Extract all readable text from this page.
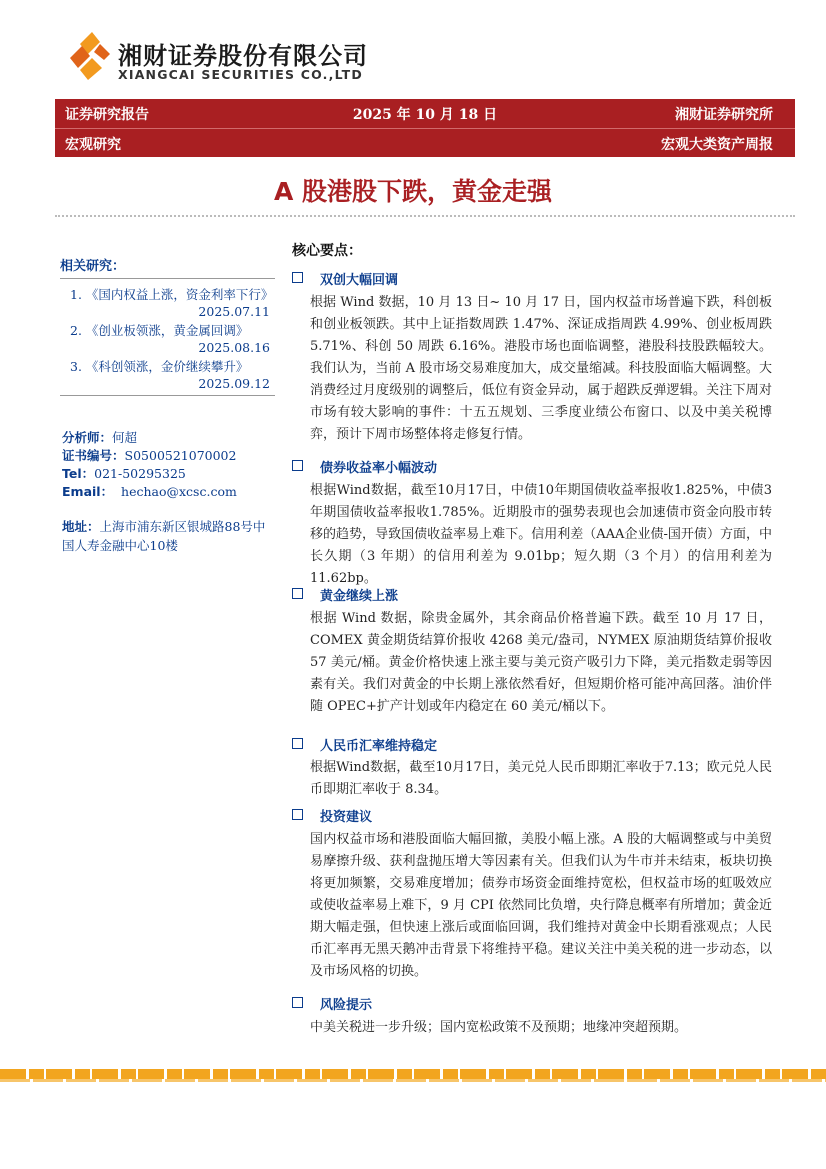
湘财证券股份有限公司
XIANGCAI SECURITIES CO.,LTD
证券研究报告	2025 年 10 月 18 日	湘财证券研究所
宏观研究	宏观大类资产周报
A 股港股下跌，黄金走强
相关研究：
1. 《国内权益上涨，资金利率下行》
2025.07.11
2. 《创业板领涨，黄金属回调》
2025.08.16
3. 《科创领涨，金价继续攀升》
2025.09.12
分析师：何超
证书编号：S0500521070002
Tel：021-50295325
Email： hechao@xcsc.com
地址：上海市浦东新区银城路88号中国人寿金融中心10楼
核心要点：
双创大幅回调
根据 Wind 数据，10 月 13 日~ 10 月 17 日，国内权益市场普遍下跌，科创板和创业板领跌。其中上证指数周跌 1.47%、深证成指周跌 4.99%、创业板周跌 5.71%、科创 50 周跌 6.16%。港股市场也面临调整，港股科技股跌幅较大。我们认为，当前 A 股市场交易难度加大，成交量缩减。科技股面临大幅调整。大消费经过月度级别的调整后，低位有资金异动，属于超跌反弹逻辑。关注下周对市场有较大影响的事件：十五五规划、三季度业绩公布窗口、以及中美关税博弈，预计下周市场整体将走修复行情。
债券收益率小幅波动
根据Wind数据，截至10月17日，中债10年期国债收益率报收1.825%，中债3年期国债收益率报收1.785%。近期股市的强势表现也会加速债市资金向股市转移的趋势，导致国债收益率易上难下。信用利差（AAA企业债-国开债）方面，中长久期（3 年期）的信用利差为 9.01bp；短久期（3 个月）的信用利差为 11.62bp。
黄金继续上涨
根据 Wind 数据，除贵金属外，其余商品价格普遍下跌。截至 10 月 17 日，COMEX 黄金期货结算价报收 4268 美元/盎司，NYMEX 原油期货结算价报收 57 美元/桶。黄金价格快速上涨主要与美元资产吸引力下降，美元指数走弱等因素有关。我们对黄金的中长期上涨依然看好，但短期价格可能冲高回落。油价伴随 OPEC+扩产计划或年内稳定在 60 美元/桶以下。
人民币汇率维持稳定
根据Wind数据，截至10月17日，美元兑人民币即期汇率收于7.13；欧元兑人民币即期汇率收于 8.34。
投资建议
国内权益市场和港股面临大幅回撤，美股小幅上涨。A 股的大幅调整或与中美贸易摩擦升级、获利盘抛压增大等因素有关。但我们认为牛市并未结束，板块切换将更加频繁，交易难度增加；债券市场资金面维持宽松，但权益市场的虹吸效应或使收益率易上难下，9 月 CPI 依然同比负增，央行降息概率有所增加；黄金近期大幅走强，但快速上涨后或面临回调，我们维持对黄金中长期看涨观点；人民币汇率再无黑天鹅冲击背景下将维持平稳。建议关注中美关税的进一步动态，以及市场风格的切换。
风险提示
中美关税进一步升级；国内宽松政策不及预期；地缘冲突超预期。
